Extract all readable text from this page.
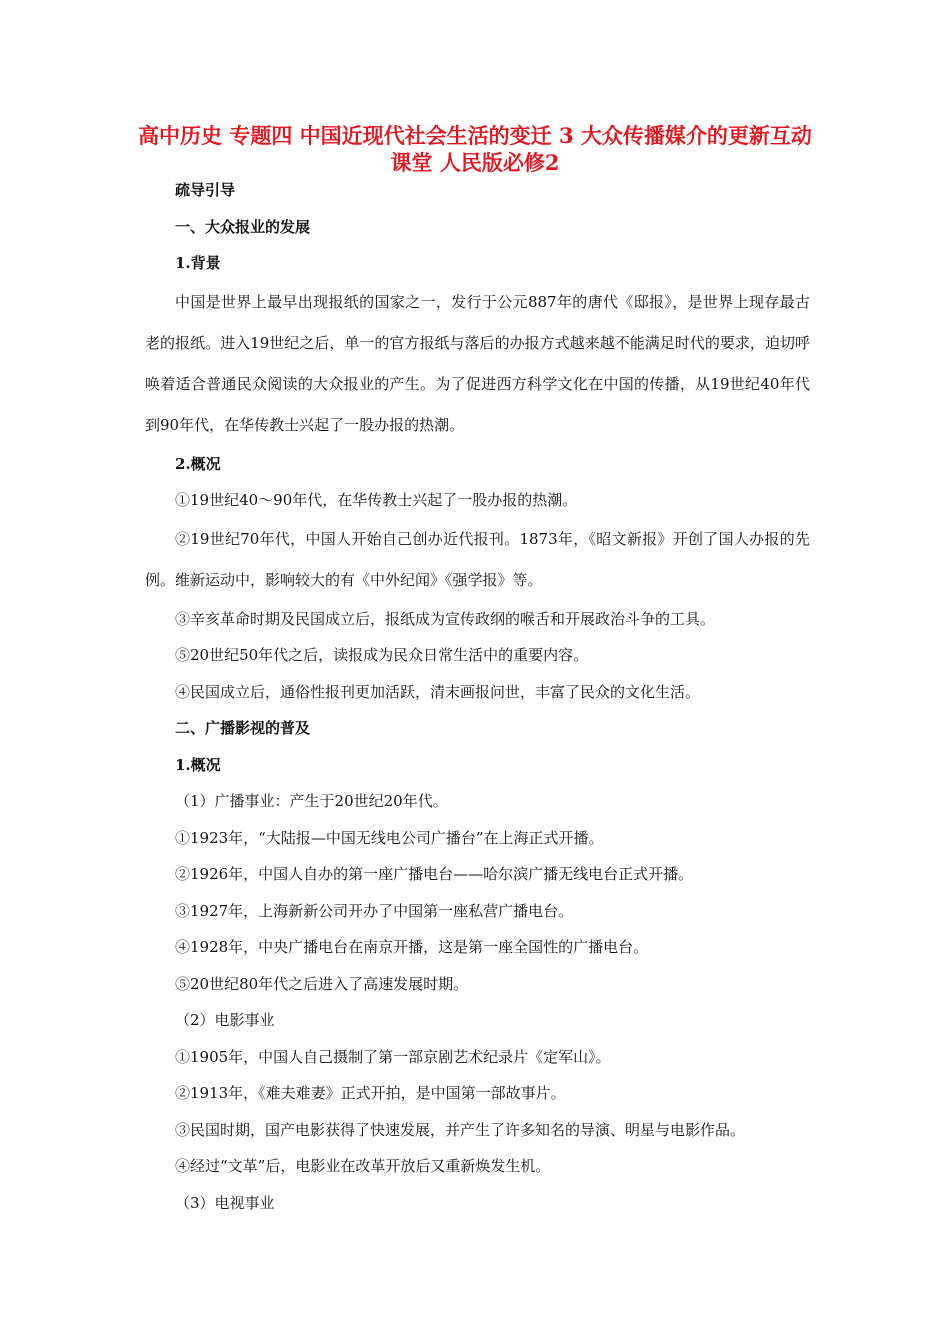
高中历史 专题四 中国近现代社会生活的变迁 3 大众传播媒介的更新互动课堂 人民版必修2

疏导引导

一、大众报业的发展

1.背景

中国是世界上最早出现报纸的国家之一，发行于公元887年的唐代《邸报》，是世界上现存最古老的报纸。进入19世纪之后，单一的官方报纸与落后的办报方式越来越不能满足时代的要求，迫切呼唤着适合普通民众阅读的大众报业的产生。为了促进西方科学文化在中国的传播，从19世纪40年代到90年代，在华传教士兴起了一股办报的热潮。

2.概况

①19世纪40～90年代，在华传教士兴起了一股办报的热潮。

②19世纪70年代，中国人开始自己创办近代报刊。1873年，《昭文新报》开创了国人办报的先例。维新运动中，影响较大的有《中外纪闻》《强学报》等。

③辛亥革命时期及民国成立后，报纸成为宣传政纲的喉舌和开展政治斗争的工具。

⑤20世纪50年代之后，读报成为民众日常生活中的重要内容。

④民国成立后，通俗性报刊更加活跃，清末画报问世，丰富了民众的文化生活。

二、广播影视的普及

1.概况

（1）广播事业：产生于20世纪20年代。

①1923年，“大陆报—中国无线电公司广播台”在上海正式开播。

②1926年，中国人自办的第一座广播电台——哈尔滨广播无线电台正式开播。

③1927年，上海新新公司开办了中国第一座私营广播电台。

④1928年，中央广播电台在南京开播，这是第一座全国性的广播电台。

⑤20世纪80年代之后进入了高速发展时期。

（2）电影事业

①1905年，中国人自己摄制了第一部京剧艺术纪录片《定军山》。

②1913年，《难夫难妻》正式开拍，是中国第一部故事片。

③民国时期，国产电影获得了快速发展，并产生了许多知名的导演、明星与电影作品。

④经过“文革”后，电影业在改革开放后又重新焕发生机。

（3）电视事业
